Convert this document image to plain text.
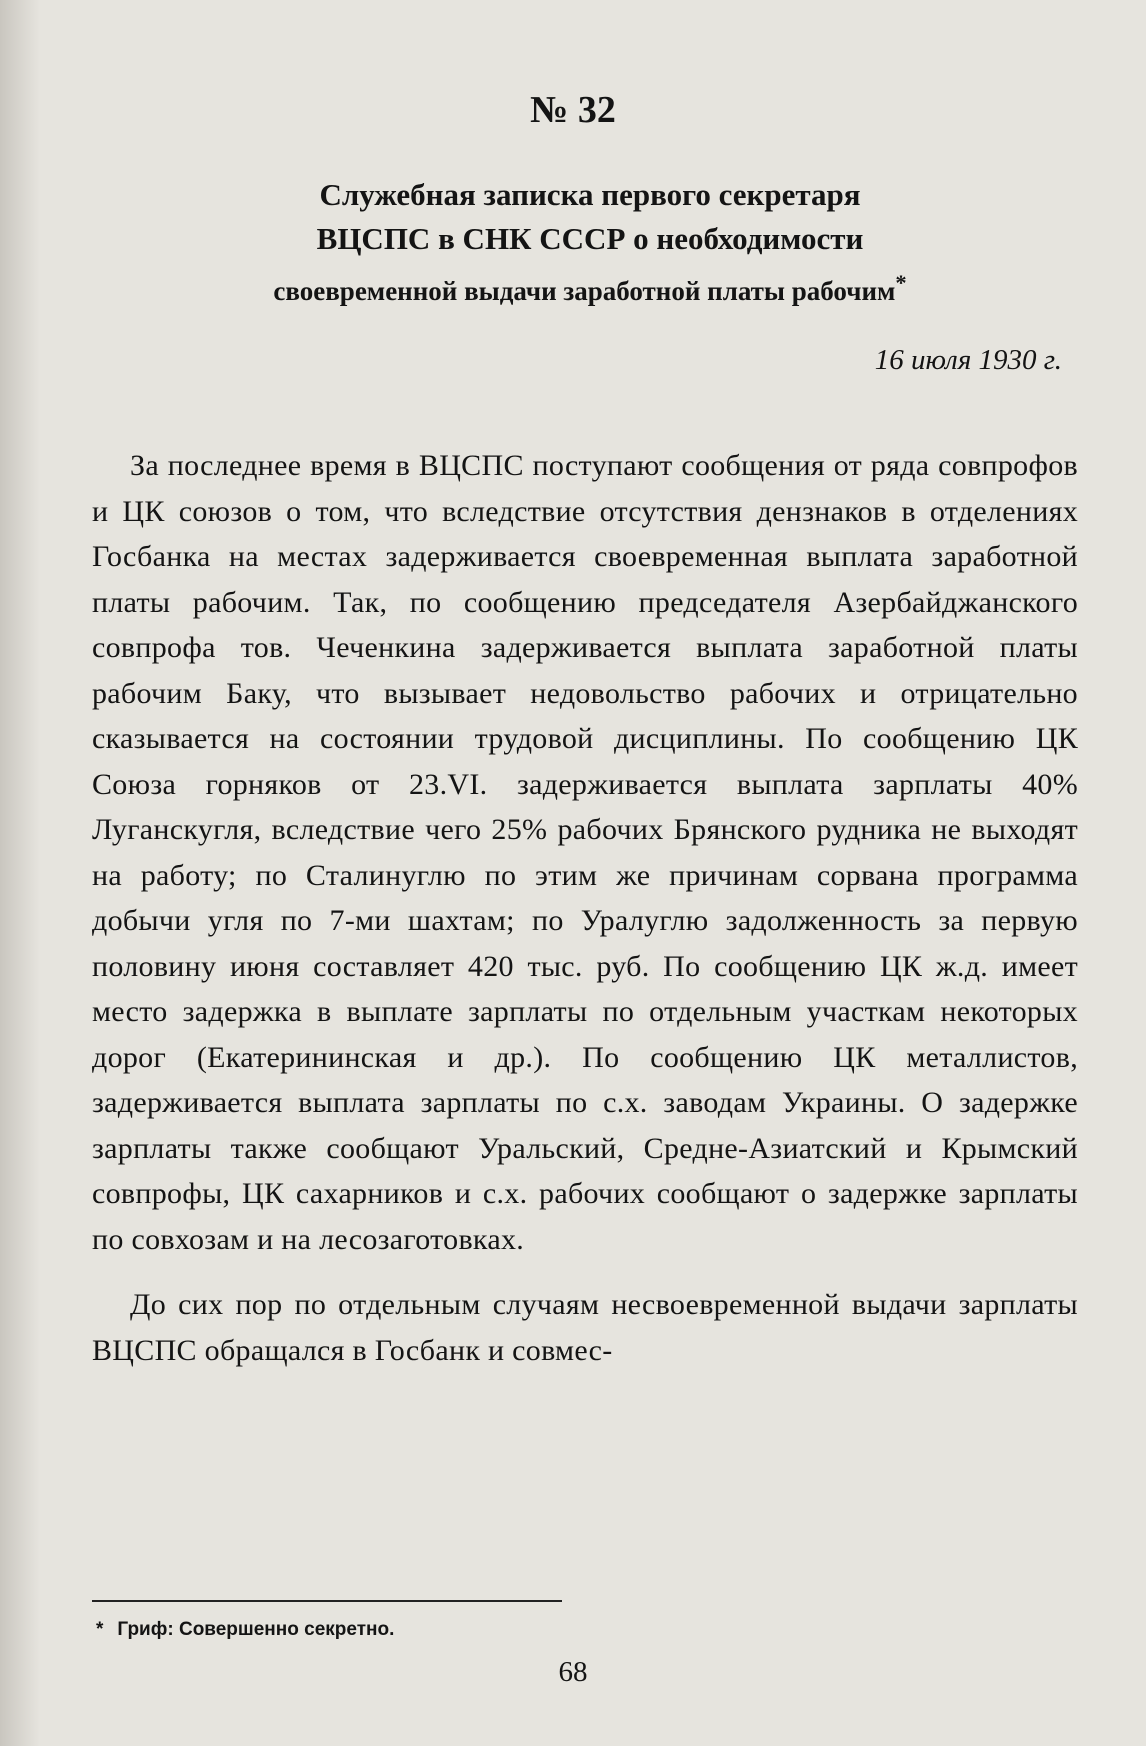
№ 32
Служебная записка первого секретаря
ВЦСПС в СНК СССР о необходимости
своевременной выдачи заработной платы рабочим*
16 июля 1930 г.

За последнее время в ВЦСПС поступают сообщения от ряда совпрофов и ЦК союзов о том, что вследствие отсутствия дензнаков в отделениях Госбанка на местах задерживается своевременная выплата заработной платы рабочим. Так, по сообщению председателя Азербайджанского совпрофа тов. Чеченкина задерживается выплата заработной платы рабочим Баку, что вызывает недовольство рабочих и отрицательно сказывается на состоянии трудовой дисциплины. По сообщению ЦК Союза горняков от 23.VI. задерживается выплата зарплаты 40% Луганскугля, вследствие чего 25% рабочих Брянского рудника не выходят на работу; по Сталинуглю по этим же причинам сорвана программа добычи угля по 7-ми шахтам; по Уралуглю задолженность за первую половину июня составляет 420 тыс. руб. По сообщению ЦК ж.д. имеет место задержка в выплате зарплаты по отдельным участкам некоторых дорог (Екатерининская и др.). По сообщению ЦК металлистов, задерживается выплата зарплаты по с.х. заводам Украины. О задержке зарплаты также сообщают Уральский, Средне-Азиатский и Крымский совпрофы, ЦК сахарников и с.х. рабочих сообщают о задержке зарплаты по совхозам и на лесозаготовках.

До сих пор по отдельным случаям несвоевременной выдачи зарплаты ВЦСПС обращался в Госбанк и совмес-

* Гриф: Совершенно секретно.
68
